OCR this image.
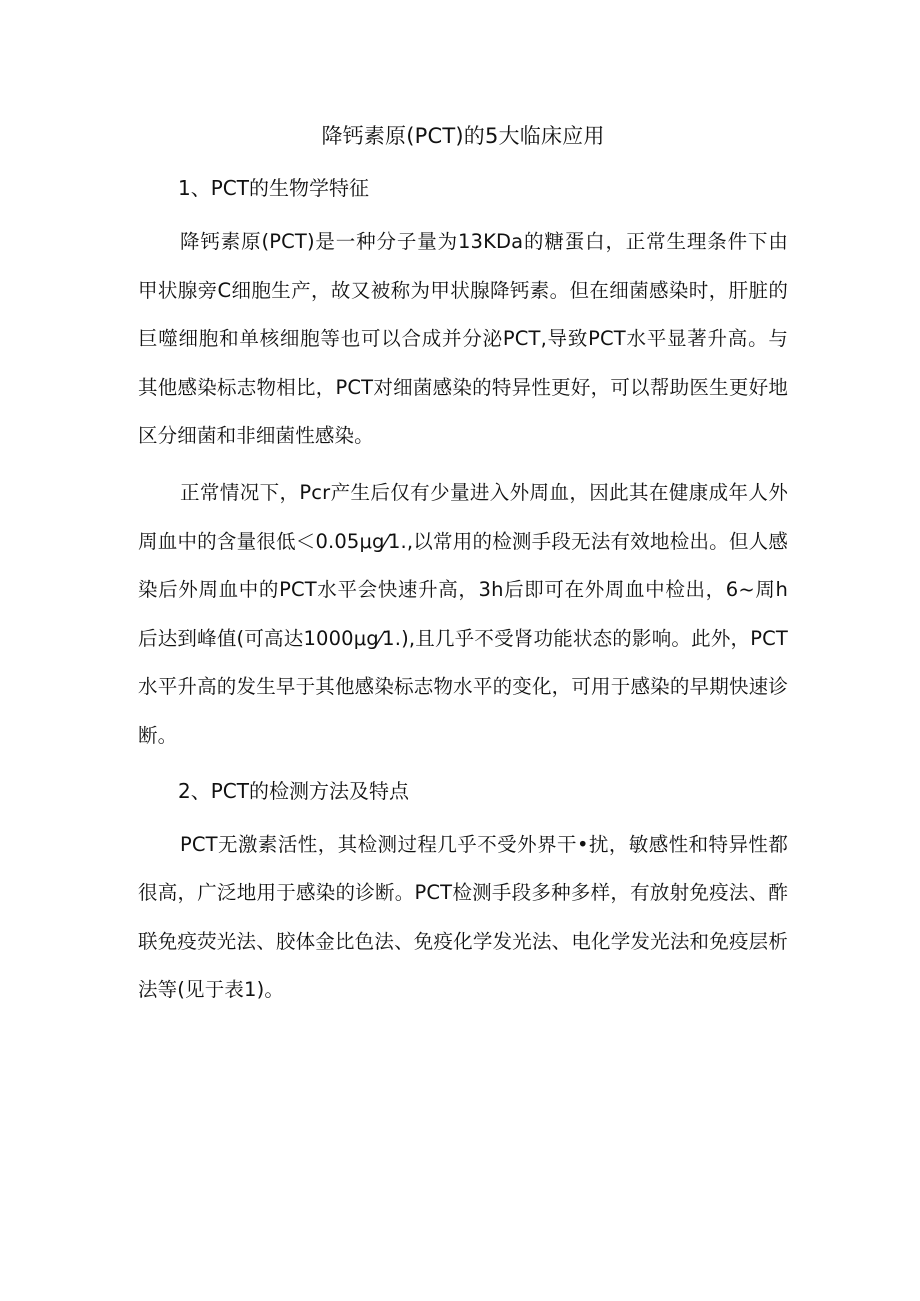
降钙素原(PCT)的5大临床应用
1、PCT的生物学特征

降钙素原(PCT)是一种分子量为13KDa的糖蛋白，正常生理条件下由甲状腺旁C细胞生产，故又被称为甲状腺降钙素。但在细菌感染时，肝脏的巨噬细胞和单核细胞等也可以合成并分泌PCT,导致PCT水平显著升高。与其他感染标志物相比，PCT对细菌感染的特异性更好，可以帮助医生更好地区分细菌和非细菌性感染。

正常情况下，Pcr产生后仅有少量进入外周血，因此其在健康成年人外周血中的含量很低＜0.05μg⁄1.,以常用的检测手段无法有效地检出。但人感染后外周血中的PCT水平会快速升高，3h后即可在外周血中检出，6~周h后达到峰值(可高达1000μg⁄1.),且几乎不受肾功能状态的影响。此外，PCT水平升高的发生早于其他感染标志物水平的变化，可用于感染的早期快速诊断。

2、PCT的检测方法及特点

PCT无激素活性，其检测过程几乎不受外界干•扰，敏感性和特异性都很高，广泛地用于感染的诊断。PCT检测手段多种多样，有放射免疫法、酢联免疫荧光法、胶体金比色法、免疫化学发光法、电化学发光法和免疫层析法等(见于表1)。
